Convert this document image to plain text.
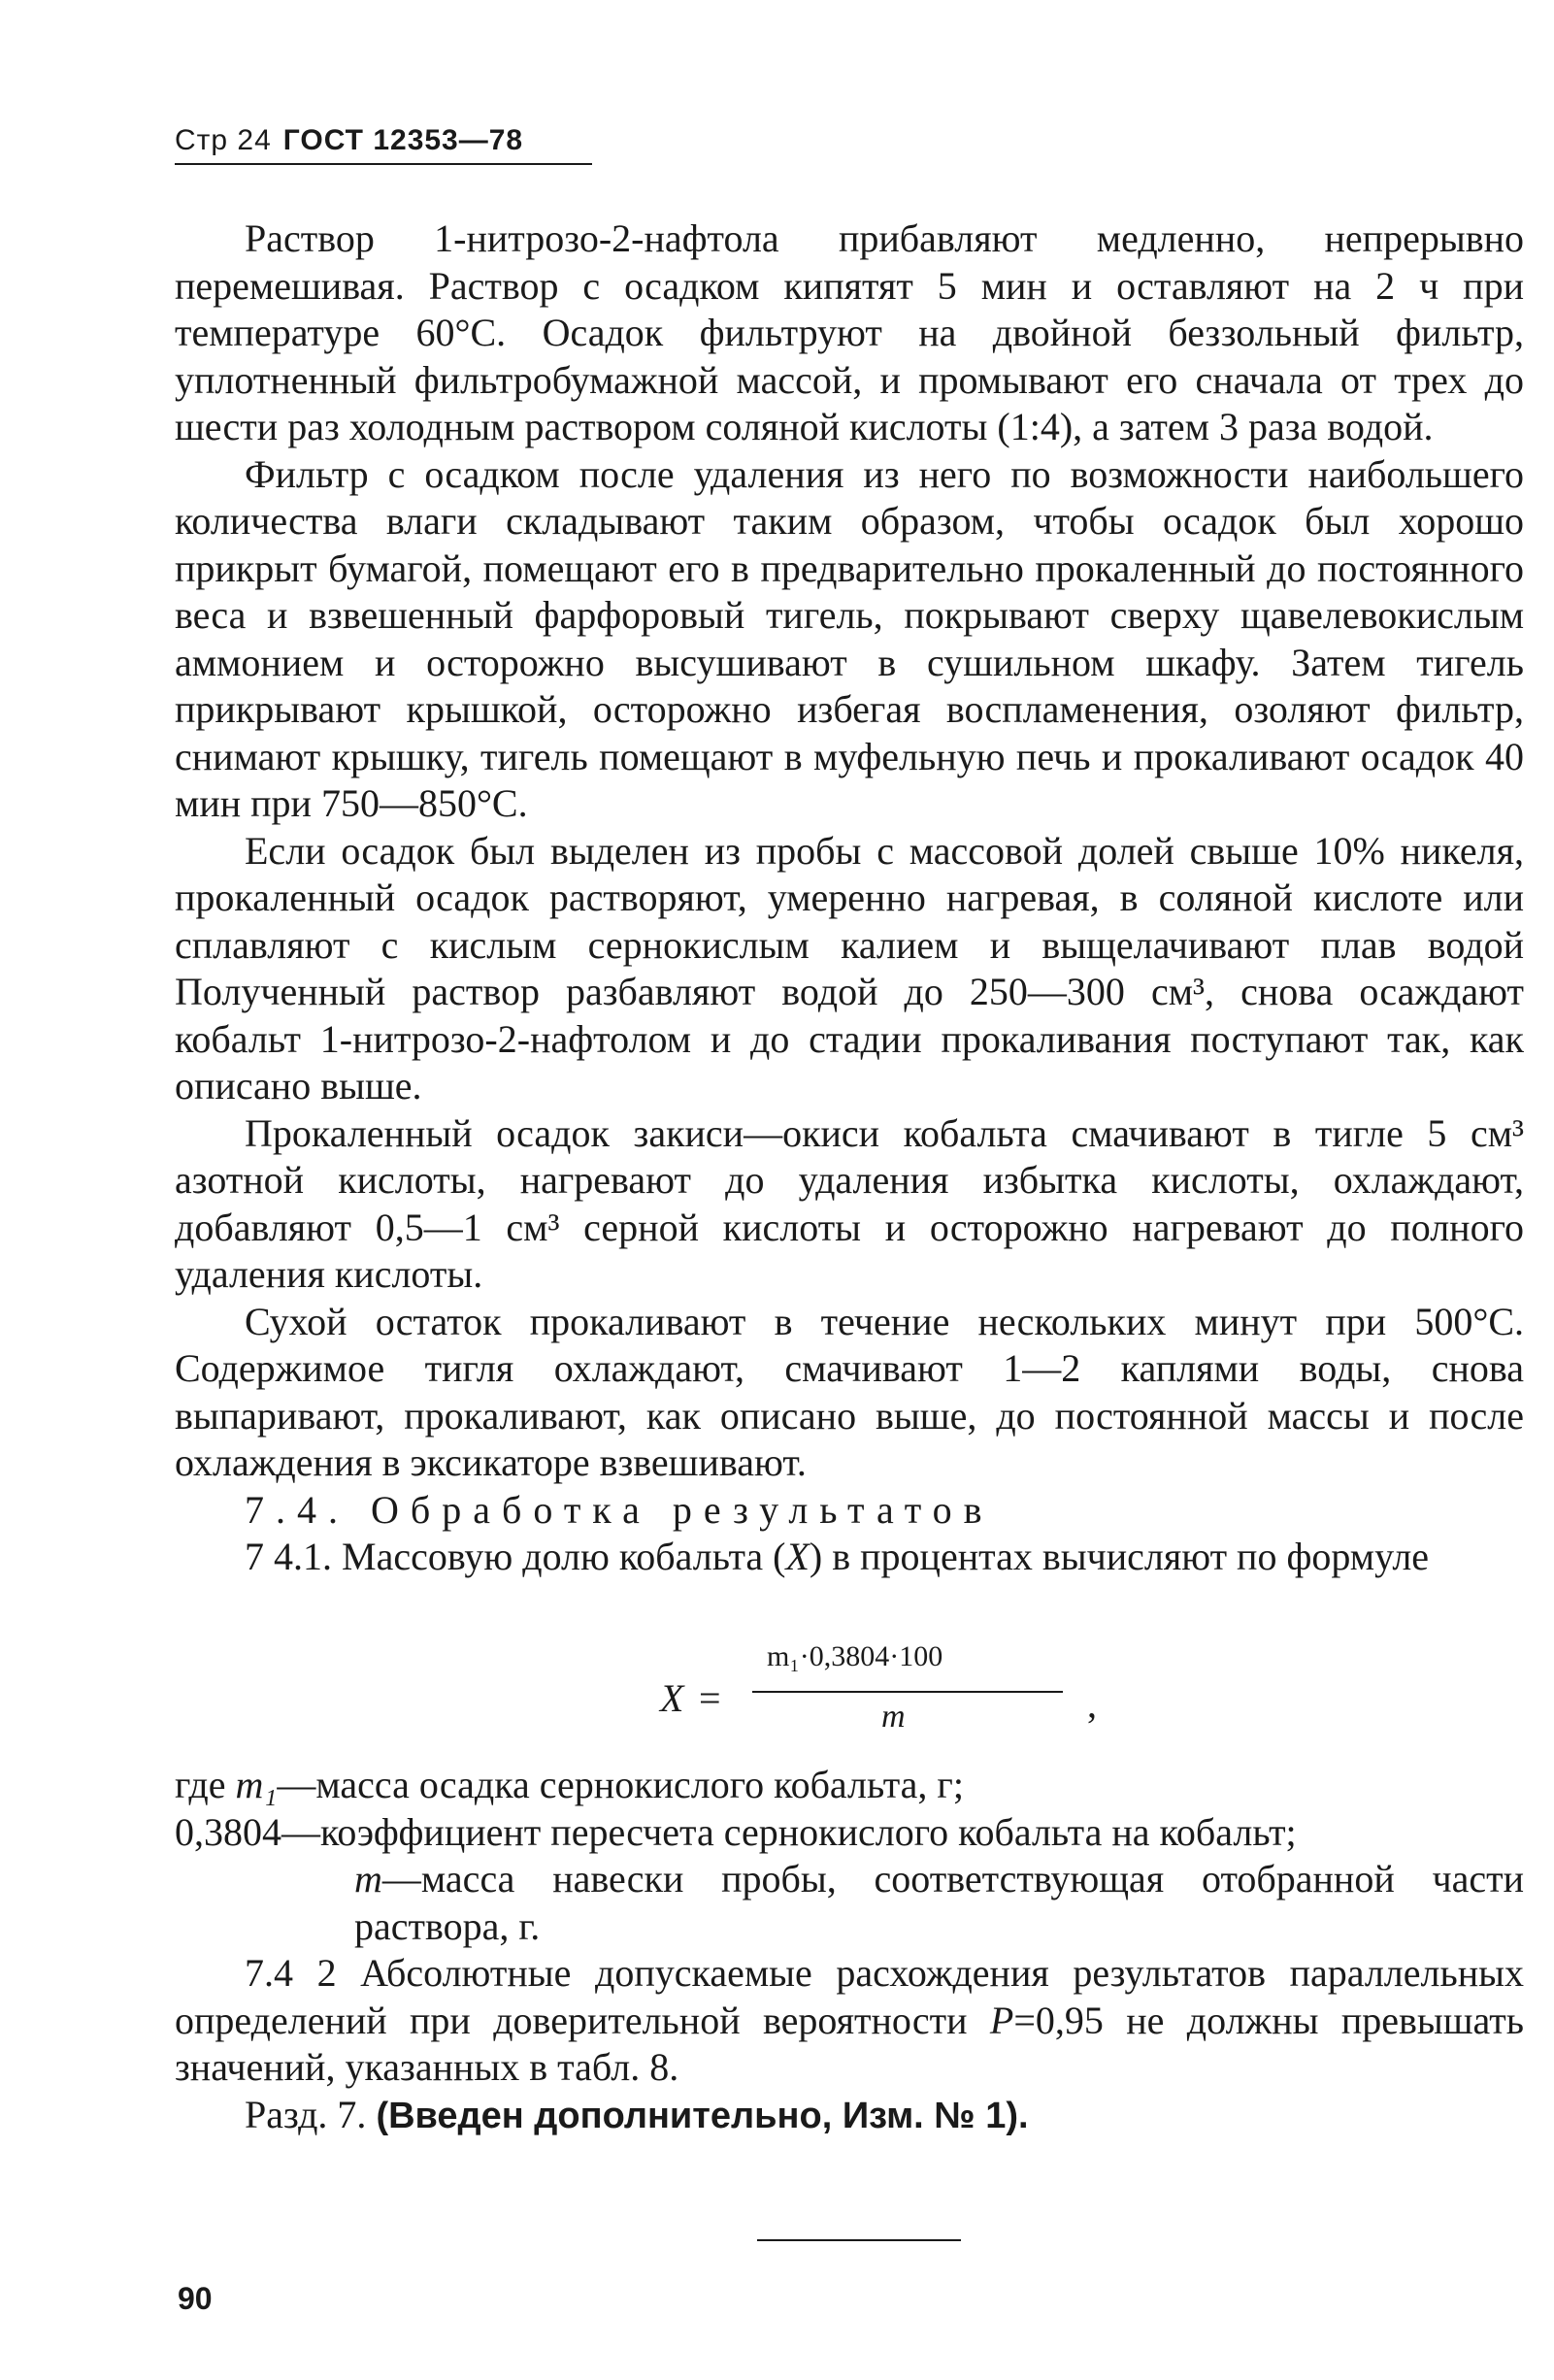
Стр 24 ГОСТ 12353—78

Раствор 1-нитрозо-2-нафтола прибавляют медленно, непрерывно перемешивая. Раствор с осадком кипятят 5 мин и оставляют на 2 ч при температуре 60°С. Осадок фильтруют на двойной беззольный фильтр, уплотненный фильтробумажной массой, и промывают его сначала от трех до шести раз холодным раствором соляной кислоты (1:4), а затем 3 раза водой.

Фильтр с осадком после удаления из него по возможности наибольшего количества влаги складывают таким образом, чтобы осадок был хорошо прикрыт бумагой, помещают его в предварительно прокаленный до постоянного веса и взвешенный фарфоровый тигель, покрывают сверху щавелевокислым аммонием и осторожно высушивают в сушильном шкафу. Затем тигель прикрывают крышкой, осторожно избегая воспламенения, озоляют фильтр, снимают крышку, тигель помещают в муфельную печь и прокаливают осадок 40 мин при 750—850°С.

Если осадок был выделен из пробы с массовой долей свыше 10% никеля, прокаленный осадок растворяют, умеренно нагревая, в соляной кислоте или сплавляют с кислым сернокислым калием и выщелачивают плав водой Полученный раствор разбавляют водой до 250—300 см³, снова осаждают кобальт 1-нитрозо-2-нафтолом и до стадии прокаливания поступают так, как описано выше.

Прокаленный осадок закиси—окиси кобальта смачивают в тигле 5 см³ азотной кислоты, нагревают до удаления избытка кислоты, охлаждают, добавляют 0,5—1 см³ серной кислоты и осторожно нагревают до полного удаления кислоты.

Сухой остаток прокаливают в течение нескольких минут при 500°С. Содержимое тигля охлаждают, смачивают 1—2 каплями воды, снова выпаривают, прокаливают, как описано выше, до постоянной массы и после охлаждения в эксикаторе взвешивают.

7.4. Обработка результатов

7 4.1. Массовую долю кобальта (X) в процентах вычисляют по формуле

X =
m₁·0,3804·100
m	,
где m₁—масса осадка сернокислого кобальта, г;
0,3804—коэффициент пересчета сернокислого кобальта на кобальт;
m—масса навески пробы, соответствующая отобранной части раствора, г.

7.4 2 Абсолютные допускаемые расхождения результатов параллельных определений при доверительной вероятности P=0,95 не должны превышать значений, указанных в табл. 8.

Разд. 7. (Введен дополнительно, Изм. № 1).

90
